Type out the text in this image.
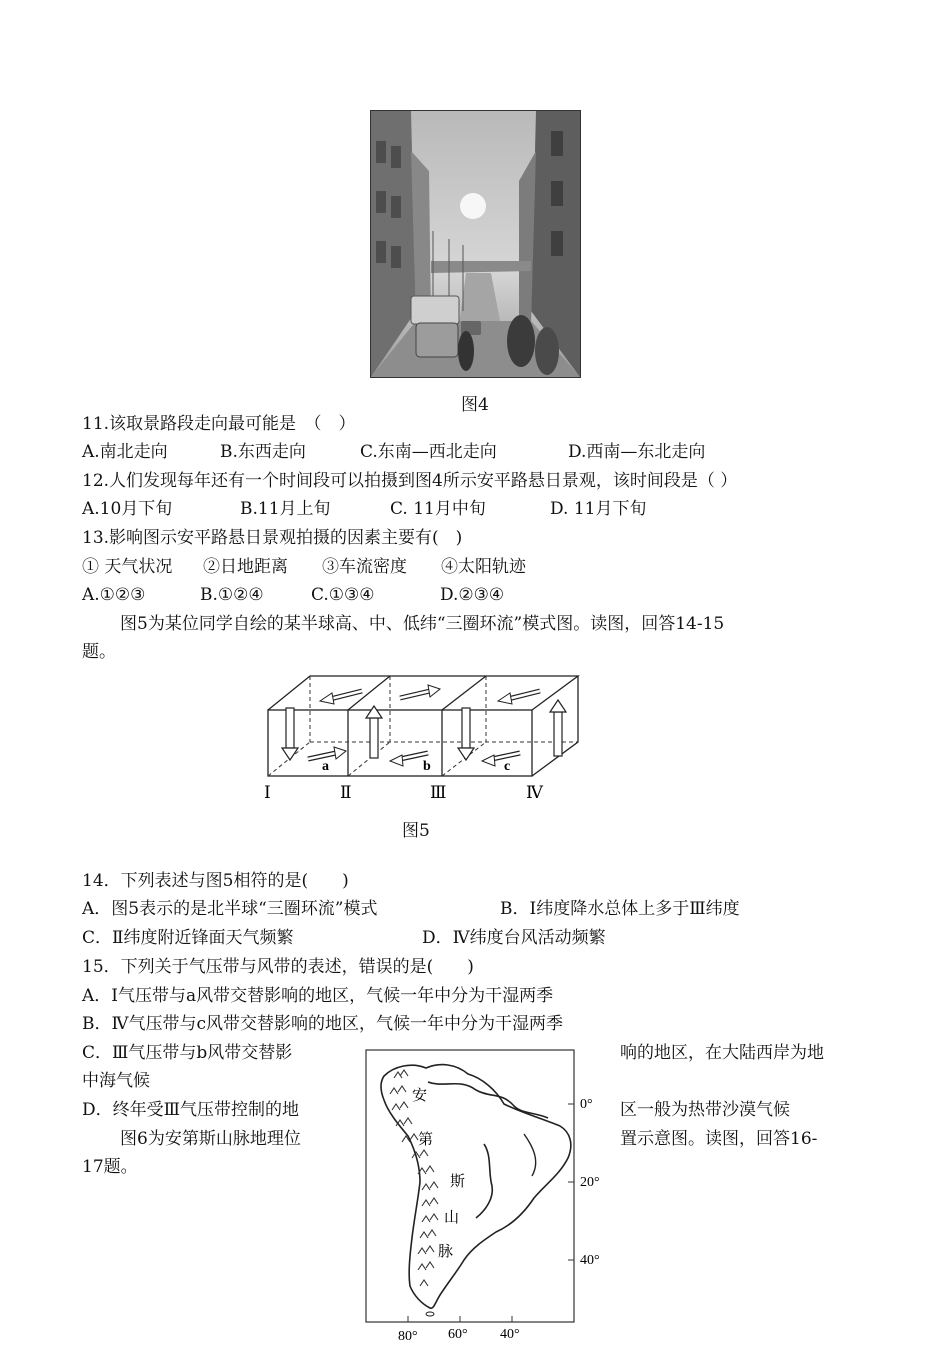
图4
11.该取景路段走向最可能是　（　）
A.南北走向	B.东西走向	C.东南—西北走向	D.西南—东北走向
12.人们发现每年还有一个时间段可以拍摄到图4所示安平路悬日景观，该时间段是（ ）
A.10月下旬	B.11月上旬	C. 11月中旬	D. 11月下旬
13.影响图示安平路悬日景观拍摄的因素主要有(　)
① 天气状况 ②日地距离 ③车流密度 ④太阳轨迹
A.①②③	B.①②④	C.①③④	D.②③④
图5为某位同学自绘的某半球高、中、低纬“三圈环流”模式图。读图，回答14-15
题。
a	b	c
Ⅰ	Ⅱ	Ⅲ	Ⅳ
图5
14．下列表述与图5相符的是(　　)
A．图5表示的是北半球“三圈环流”模式	B．Ⅰ纬度降水总体上多于Ⅲ纬度
C．Ⅱ纬度附近锋面天气频繁	D．Ⅳ纬度台风活动频繁
15．下列关于气压带与风带的表述，错误的是(　　)
A．Ⅰ气压带与a风带交替影响的地区，气候一年中分为干湿两季
B．Ⅳ气压带与c风带交替影响的地区，气候一年中分为干湿两季
C．Ⅲ气压带与b风带交替影	响的地区，在大陆西岸为地
中海气候
D．终年受Ⅲ气压带控制的地	区一般为热带沙漠气候
图6为安第斯山脉地理位	置示意图。读图，回答16-
17题。
安
第
斯
山
脉
0°
20°
40°
80° 60° 40°
